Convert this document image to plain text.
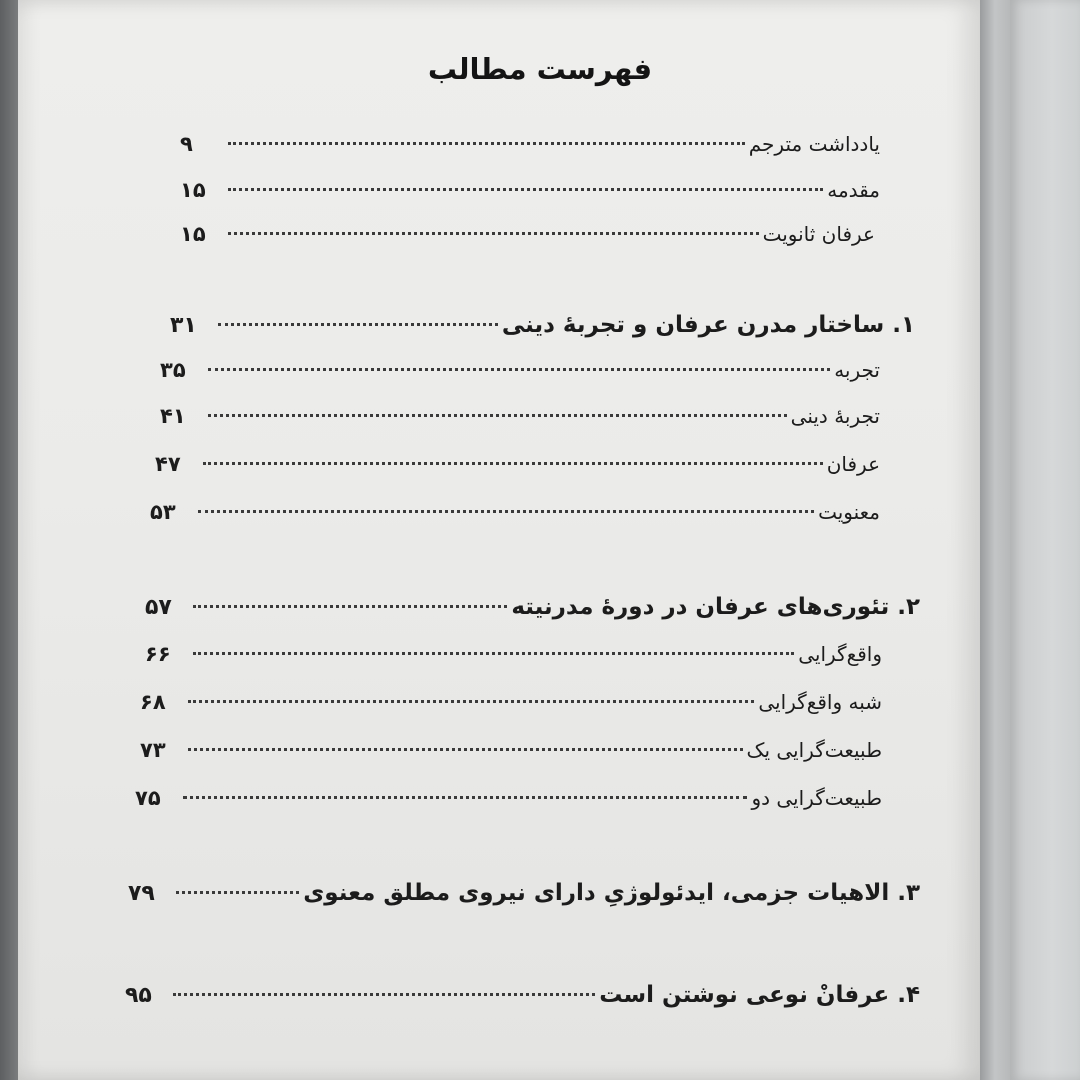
فهرست مطالب
۹	یادداشت مترجم
۱۵	مقدمه
۱۵	عرفان ثانویت
۳۱	۱. ساختار مدرن عرفان و تجربهٔ دینی
۳۵	تجربه
۴۱	تجربهٔ دینی
۴۷	عرفان
۵۳	معنویت
۵۷	۲. تئوری‌های عرفان در دورهٔ مدرنیته
۶۶	واقع‌گرایی
۶۸	شبه واقع‌گرایی
۷۳	طبیعت‌گرایی یک
۷۵	طبیعت‌گرایی دو
۷۹	۳. الاهیات جزمی، ایدئولوژیِ دارای نیروی مطلق معنوی
۹۵	۴. عرفانْ نوعی نوشتن است
